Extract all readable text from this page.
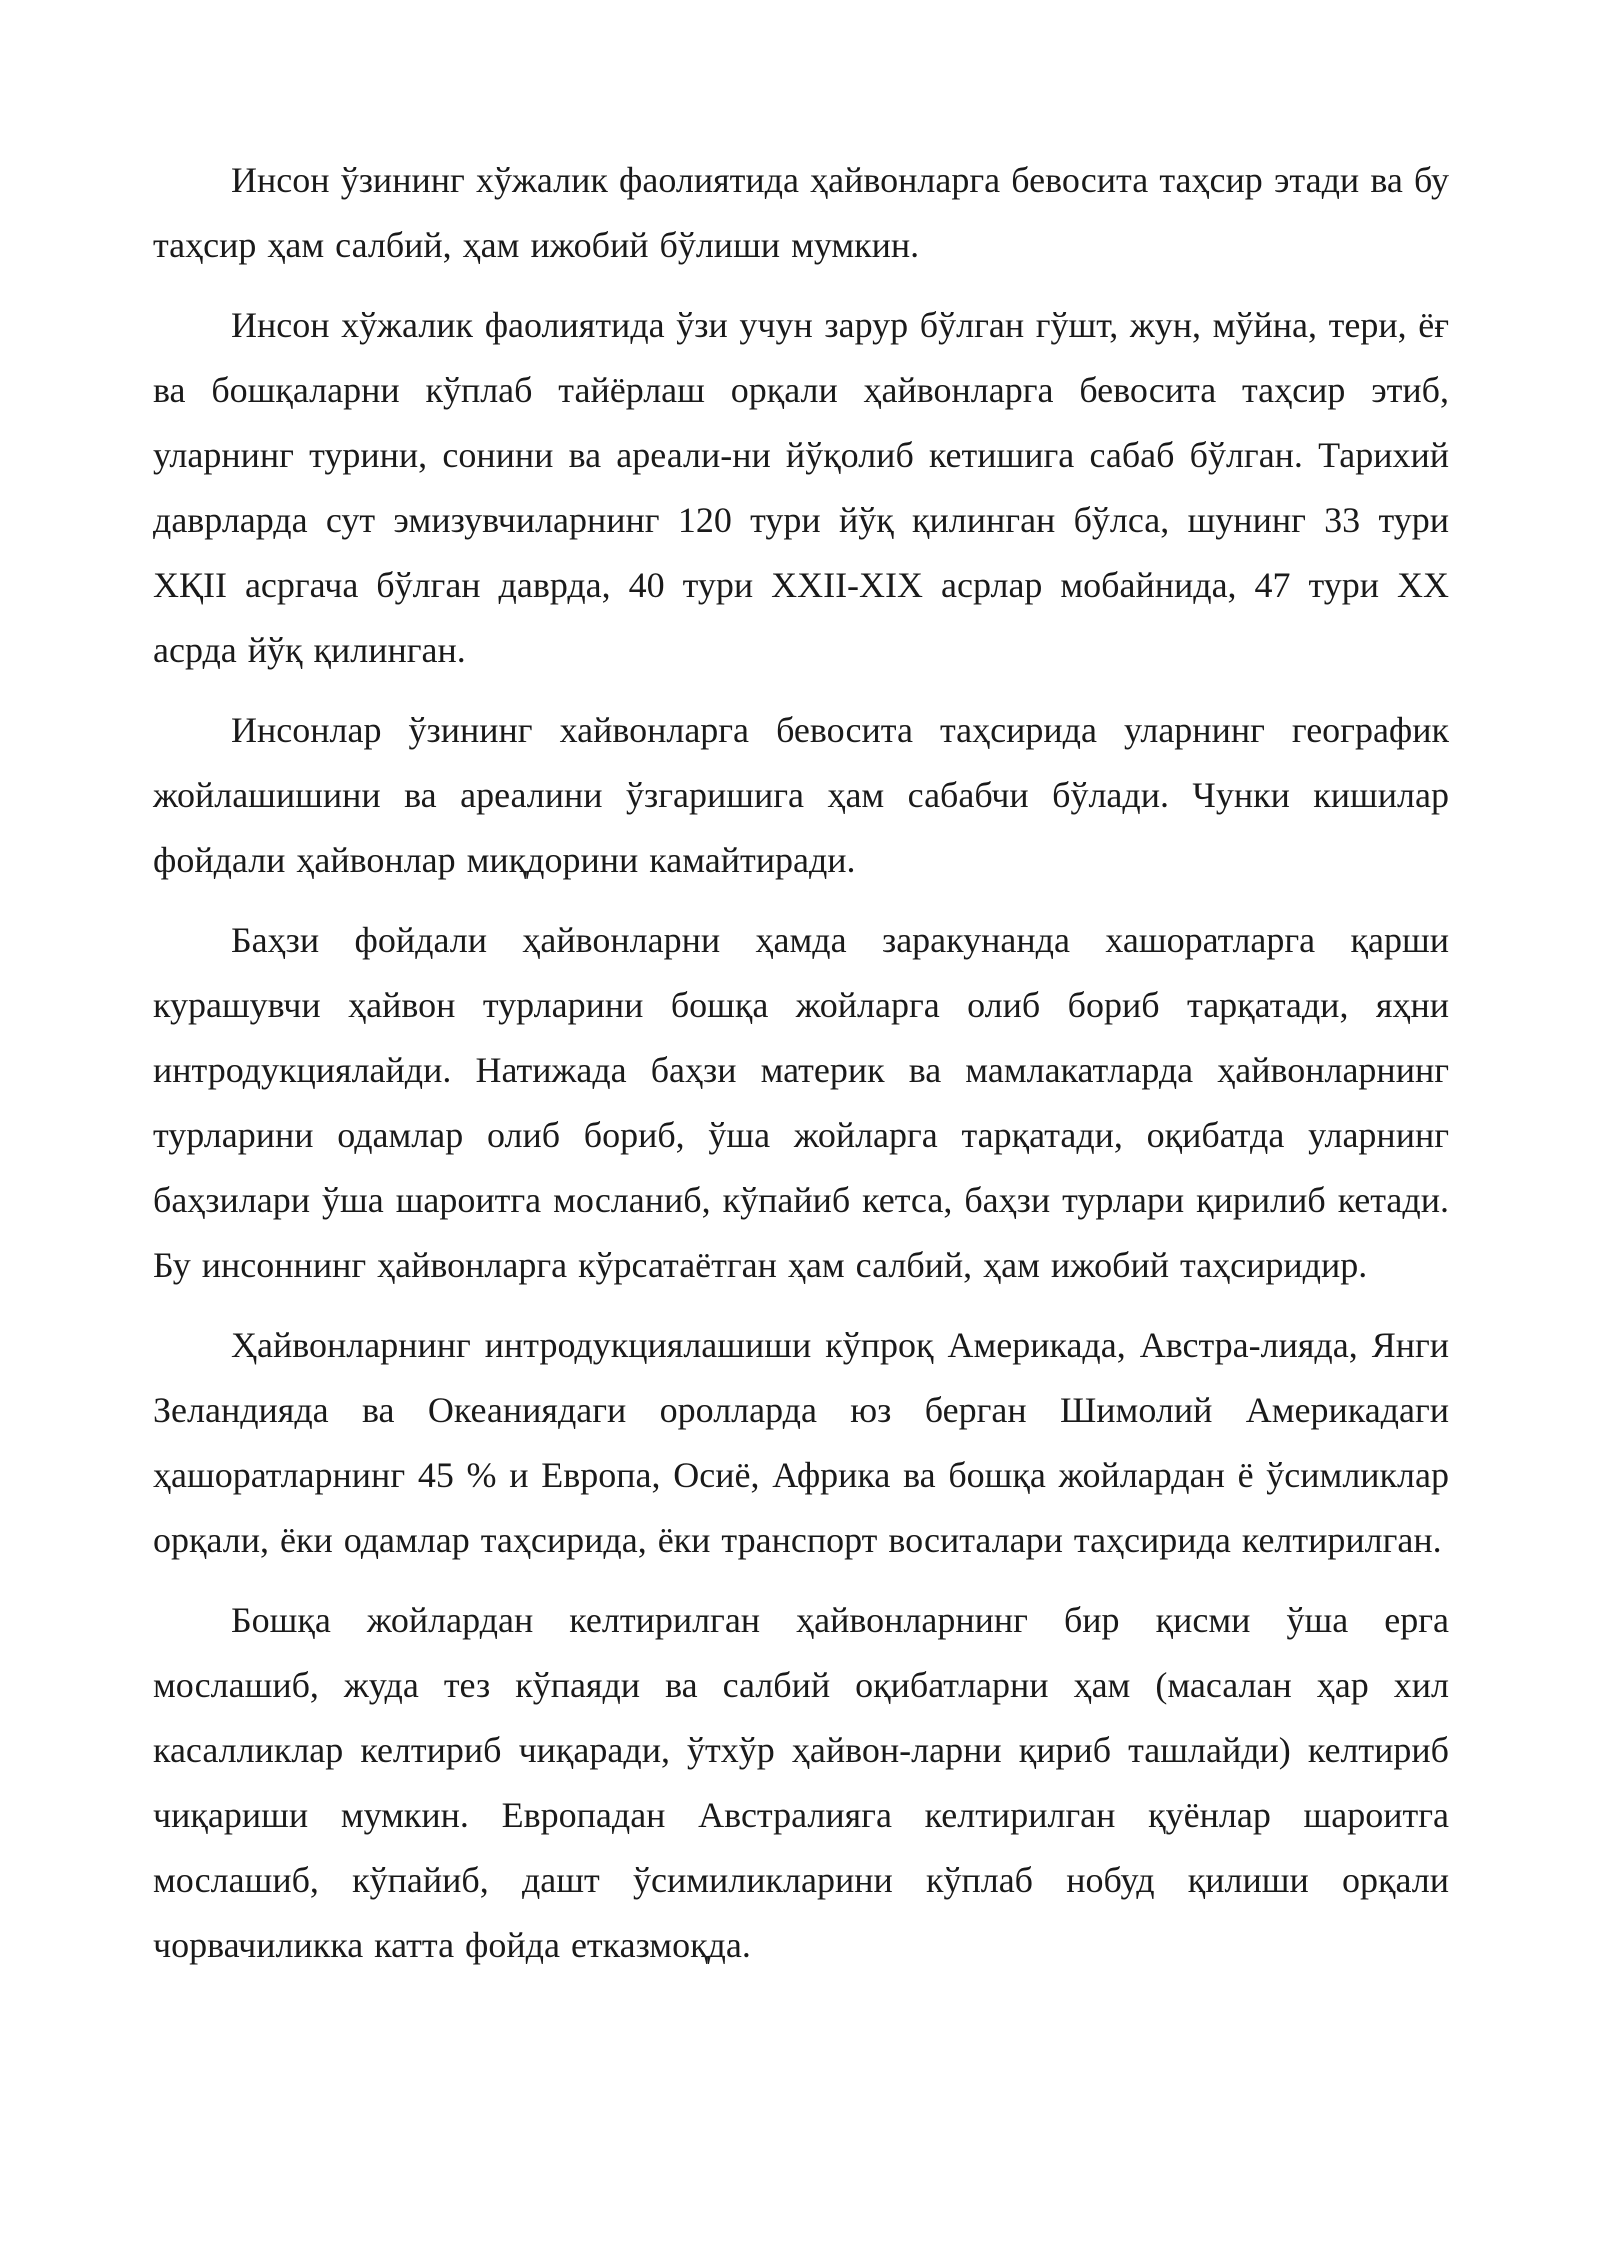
Инсон ўзининг хўжалик фаолиятида ҳайвонларга бевосита таҳсир этади ва бу таҳсир ҳам салбий, ҳам ижобий бўлиши мумкин.

Инсон хўжалик фаолиятида ўзи учун зарур бўлган гўшт, жун, мўйна, тери, ёғ ва бошқаларни кўплаб тайёрлаш орқали ҳайвонларга бевосита таҳсир этиб, уларнинг турини, сонини ва ареали-ни йўқолиб кетишига сабаб бўлган. Тарихий даврларда сут эмизувчиларнинг 120 тури йўқ қилинган бўлса, шунинг 33 тури XҚII асргача бўлган даврда, 40 тури XXII-XIX асрлар мобайнида, 47 тури XX асрда йўқ қилинган.

Инсонлар ўзининг хайвонларга бевосита таҳсирида уларнинг географик жойлашишини ва ареалини ўзгаришига ҳам сабабчи бўлади. Чунки кишилар фойдали ҳайвонлар миқдорини камайтиради.

Баҳзи фойдали ҳайвонларни ҳамда заракунанда хашоратларга қарши курашувчи ҳайвон турларини бошқа жойларга олиб бориб тарқатади, яҳни интродукциялайди. Натижада баҳзи материк ва мамлакатларда ҳайвонларнинг турларини одамлар олиб бориб, ўша жойларга тарқатади, оқибатда уларнинг баҳзилари ўша шароитга мосланиб, кўпайиб кетса, баҳзи турлари қирилиб кетади. Бу инсоннинг ҳайвонларга кўрсатаётган ҳам салбий, ҳам ижобий таҳсиридир.

Ҳайвонларнинг интродукциялашиши кўпроқ Америкада, Австра-лияда, Янги Зеландияда ва Океаниядаги оролларда юз берган Шимолий Америкадаги ҳашоратларнинг 45 % и Европа, Осиё, Африка ва бошқа жойлардан ё ўсимликлар орқали, ёки одамлар таҳсирида, ёки транспорт воситалари таҳсирида келтирилган.

Бошқа жойлардан келтирилган ҳайвонларнинг бир қисми ўша ерга мослашиб, жуда тез кўпаяди ва салбий оқибатларни ҳам (масалан ҳар хил касалликлар келтириб чиқаради, ўтхўр ҳайвон-ларни қириб ташлайди) келтириб чиқариши мумкин. Европадан Австралияга келтирилган қуёнлар шароитга мослашиб, кўпайиб, дашт ўсимиликларини кўплаб нобуд қилиши орқали чорвачиликка катта фойда етказмоқда.
